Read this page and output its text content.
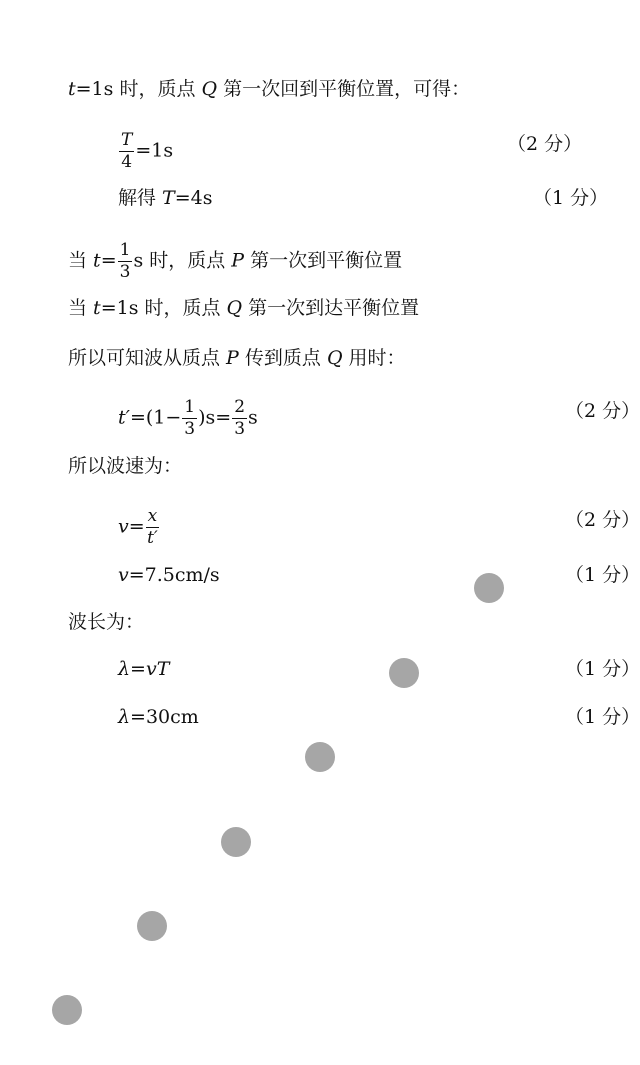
t=1s 时，质点 Q 第一次回到平衡位置，可得：
$\frac{T}{4} =1s$	（2 分）
解得 T=4s	（1 分）
当 $t= \frac{1}{3}$ s 时，质点 P 第一次到平衡位置
当 t=1s 时，质点 Q 第一次到达平衡位置
所以可知波从质点 P 传到质点 Q 用时：
$t'=(1- \frac{1}{3} )s= \frac{2}{3}$ s	（2 分）
所以波速为：
$v= \frac{x}{t'}$	（2 分）
v=7.5cm/s	（1 分）
波长为：
λ=vT	（1 分）
λ=30cm	（1 分）
